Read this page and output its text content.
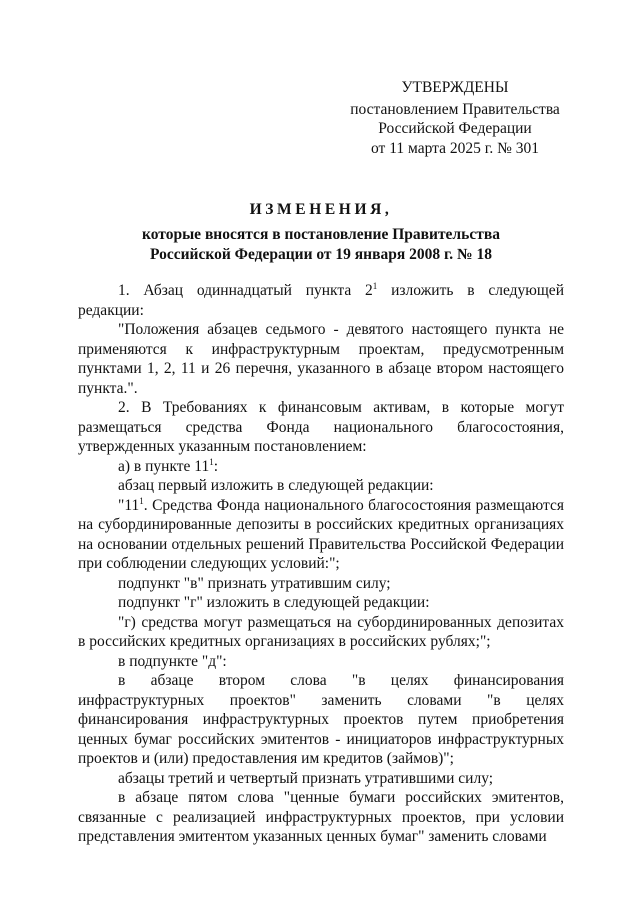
УТВЕРЖДЕНЫ
постановлением Правительства
Российской Федерации
от 11 марта 2025 г. № 301
ИЗМЕНЕНИЯ,
которые вносятся в постановление Правительства
Российской Федерации от 19 января 2008 г. № 18

1. Абзац одиннадцатый пункта $2^1$ изложить в следующей редакции:

"Положения абзацев седьмого - девятого настоящего пункта не применяются к инфраструктурным проектам, предусмотренным пунктами 1, 2, 11 и 26 перечня, указанного в абзаце втором настоящего пункта.".

2. В Требованиях к финансовым активам, в которые могут размещаться средства Фонда национального благосостояния, утвержденных указанным постановлением:

а) в пункте $11^1$:

абзац первый изложить в следующей редакции:

"$11^1$. Средства Фонда национального благосостояния размещаются на субординированные депозиты в российских кредитных организациях на основании отдельных решений Правительства Российской Федерации при соблюдении следующих условий:";

подпункт "в" признать утратившим силу;

подпункт "г" изложить в следующей редакции:

"г) средства могут размещаться на субординированных депозитах в российских кредитных организациях в российских рублях;";

в подпункте "д":

в абзаце втором слова "в целях финансирования инфраструктурных проектов" заменить словами "в целях финансирования инфраструктурных проектов путем приобретения ценных бумаг российских эмитентов - инициаторов инфраструктурных проектов и (или) предоставления им кредитов (займов)";

абзацы третий и четвертый признать утратившими силу;

в абзаце пятом слова "ценные бумаги российских эмитентов, связанные с реализацией инфраструктурных проектов, при условии представления эмитентом указанных ценных бумаг" заменить словами
